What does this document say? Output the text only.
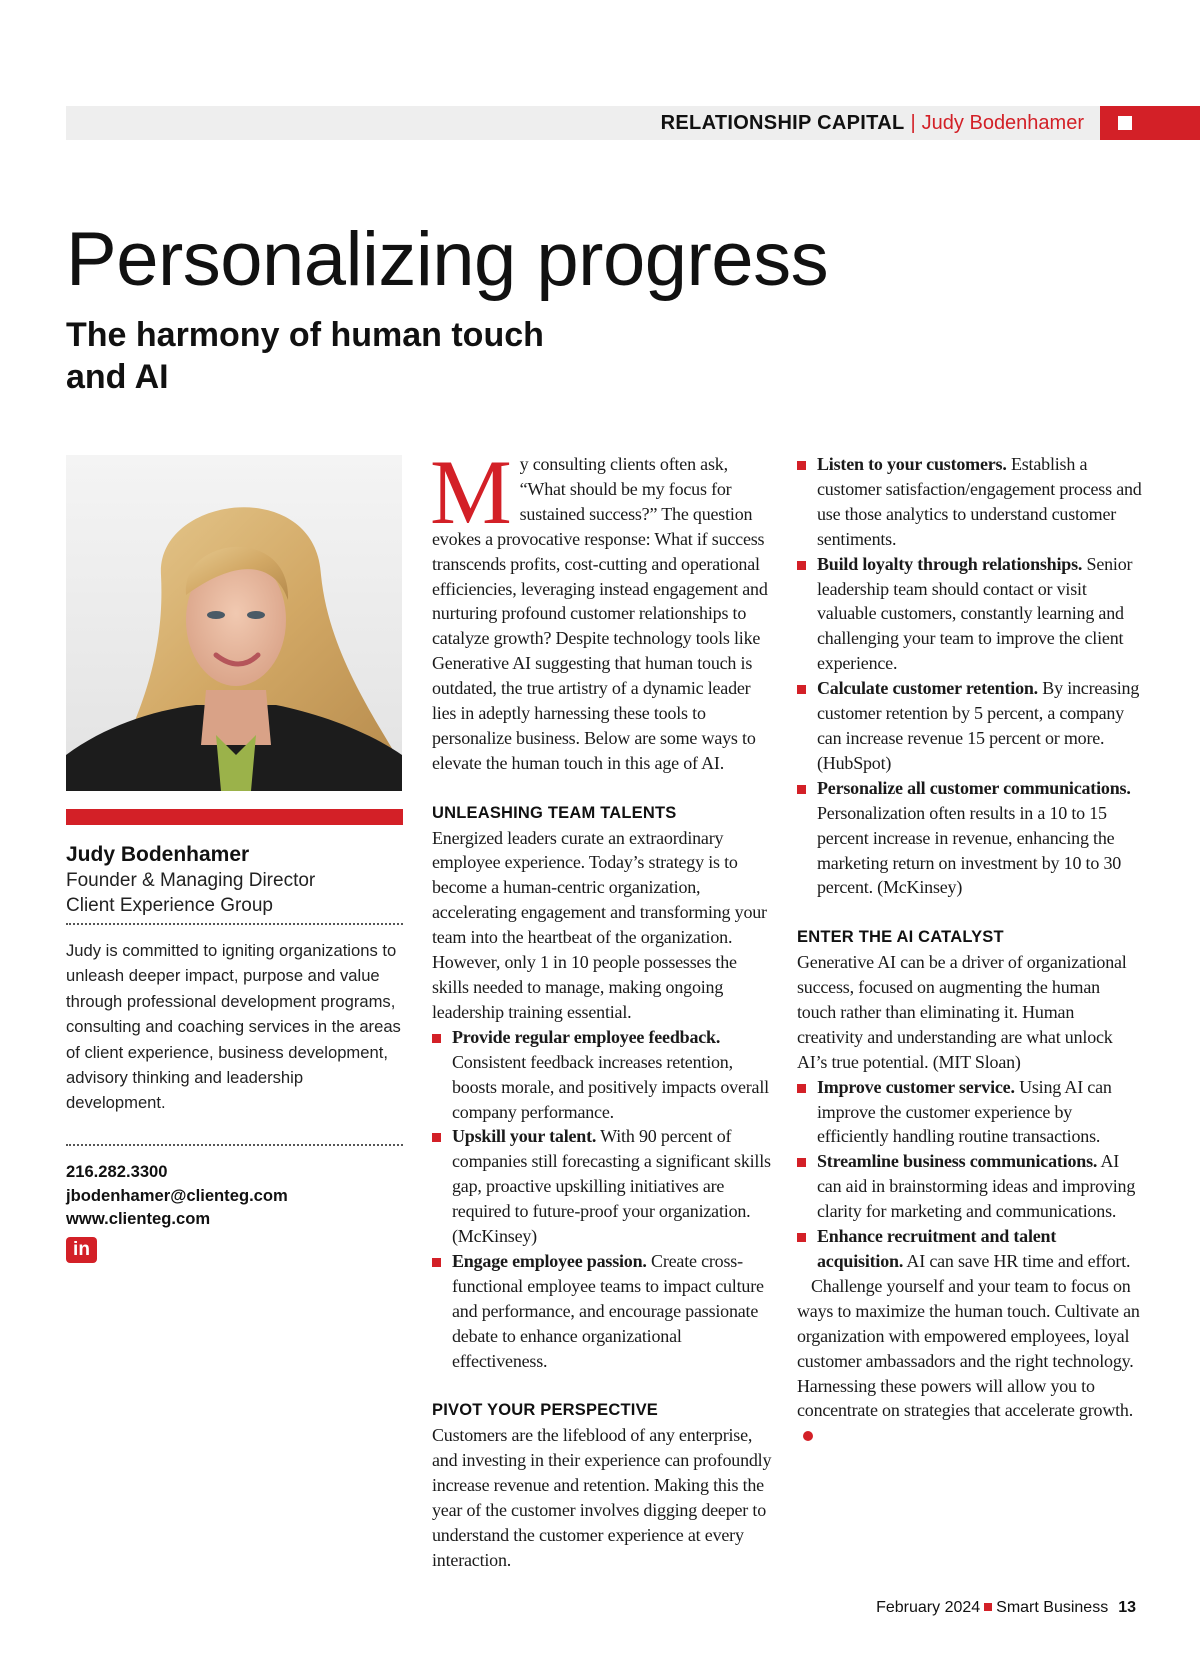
RELATIONSHIP CAPITAL | Judy Bodenhamer
Personalizing progress
The harmony of human touch and AI
Judy Bodenhamer
Founder & Managing Director
Client Experience Group
Judy is committed to igniting organizations to unleash deeper impact, purpose and value through professional development programs, consulting and coaching services in the areas of client experience, business development, advisory thinking and leadership development.
216.282.3300
jbodenhamer@clienteg.com
www.clienteg.com
in

My consulting clients often ask, “What should be my focus for sustained success?” The question evokes a provocative response: What if success transcends profits, cost-cutting and operational efficiencies, leveraging instead engagement and nurturing profound customer relationships to catalyze growth? Despite technology tools like Generative AI suggesting that human touch is outdated, the true artistry of a dynamic leader lies in adeptly harnessing these tools to personalize business. Below are some ways to elevate the human touch in this age of AI.

UNLEASHING TEAM TALENTS

Energized leaders curate an extraordinary employee experience. Today’s strategy is to become a human-centric organization, accelerating engagement and transforming your team into the heartbeat of the organization. However, only 1 in 10 people possesses the skills needed to manage, making ongoing leadership training essential.

Provide regular employee feedback. Consistent feedback increases retention, boosts morale, and positively impacts overall company performance.
Upskill your talent. With 90 percent of companies still forecasting a significant skills gap, proactive upskilling initiatives are required to future-proof your organization. (McKinsey)
Engage employee passion. Create cross-functional employee teams to impact culture and performance, and encourage passionate debate to enhance organizational effectiveness.
PIVOT YOUR PERSPECTIVE

Customers are the lifeblood of any enterprise, and investing in their experience can profoundly increase revenue and retention. Making this the year of the customer involves digging deeper to understand the customer experience at every interaction.

Listen to your customers. Establish a customer satisfaction/engagement process and use those analytics to understand customer sentiments.
Build loyalty through relationships. Senior leadership team should contact or visit valuable customers, constantly learning and challenging your team to improve the client experience.
Calculate customer retention. By increasing customer retention by 5 percent, a company can increase revenue 15 percent or more. (HubSpot)
Personalize all customer communications. Personalization often results in a 10 to 15 percent increase in revenue, enhancing the marketing return on investment by 10 to 30 percent. (McKinsey)
ENTER THE AI CATALYST

Generative AI can be a driver of organizational success, focused on augmenting the human touch rather than eliminating it. Human creativity and understanding are what unlock AI’s true potential. (MIT Sloan)

Improve customer service. Using AI can improve the customer experience by efficiently handling routine transactions.
Streamline business communications. AI can aid in brainstorming ideas and improving clarity for marketing and communications.
Enhance recruitment and talent acquisition. AI can save HR time and effort.

Challenge yourself and your team to focus on ways to maximize the human touch. Cultivate an organization with empowered employees, loyal customer ambassadors and the right technology. Harnessing these powers will allow you to concentrate on strategies that accelerate growth.

February 2024 Smart Business 13
